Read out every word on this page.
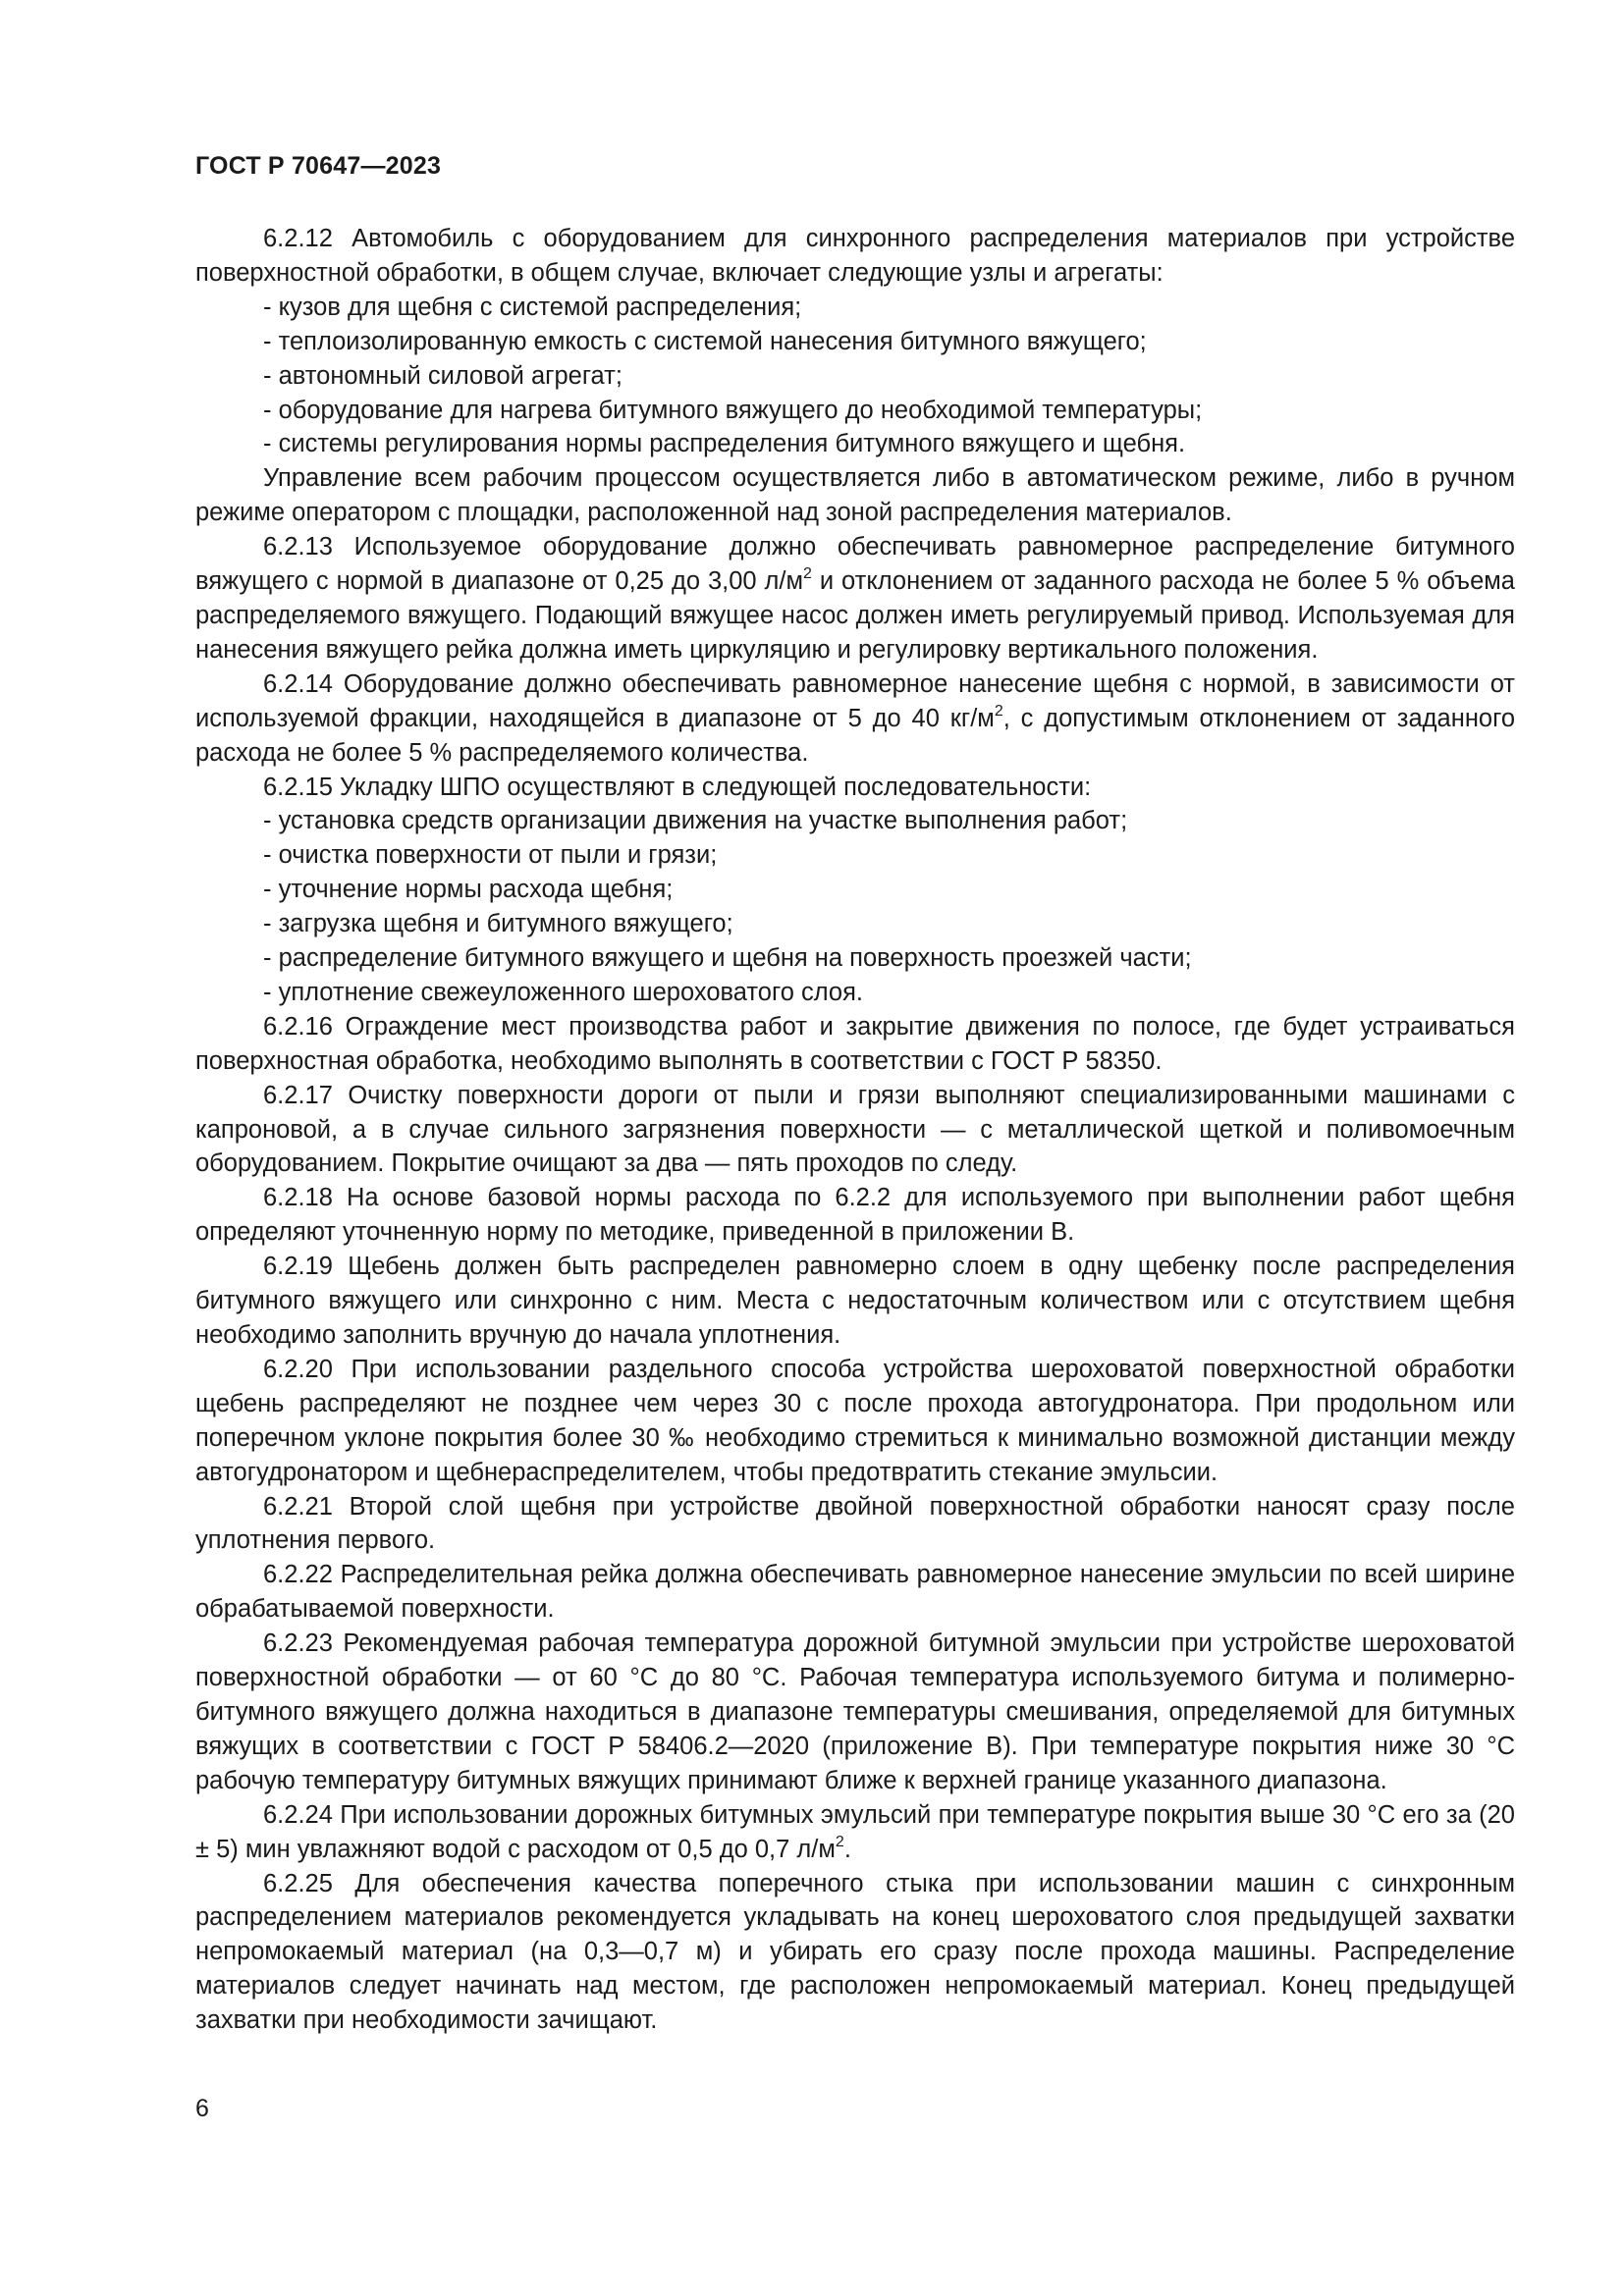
ГОСТ Р 70647—2023

6.2.12 Автомобиль с оборудованием для синхронного распределения материалов при устройстве поверхностной обработки, в общем случае, включает следующие узлы и агрегаты:

- кузов для щебня с системой распределения;

- теплоизолированную емкость с системой нанесения битумного вяжущего;

- автономный силовой агрегат;

- оборудование для нагрева битумного вяжущего до необходимой температуры;

- системы регулирования нормы распределения битумного вяжущего и щебня.

Управление всем рабочим процессом осуществляется либо в автоматическом режиме, либо в ручном режиме оператором с площадки, расположенной над зоной распределения материалов.

6.2.13 Используемое оборудование должно обеспечивать равномерное распределение битумного вяжущего с нормой в диапазоне от 0,25 до 3,00 $л/м^2$ и отклонением от заданного расхода не более 5 % объема распределяемого вяжущего. Подающий вяжущее насос должен иметь регулируемый привод. Используемая для нанесения вяжущего рейка должна иметь циркуляцию и регулировку вертикального положения.

6.2.14 Оборудование должно обеспечивать равномерное нанесение щебня с нормой, в зависимости от используемой фракции, находящейся в диапазоне от 5 до 40 $кг/м^2$, с допустимым отклонением от заданного расхода не более 5 % распределяемого количества.

6.2.15 Укладку ШПО осуществляют в следующей последовательности:

- установка средств организации движения на участке выполнения работ;

- очистка поверхности от пыли и грязи;

- уточнение нормы расхода щебня;

- загрузка щебня и битумного вяжущего;

- распределение битумного вяжущего и щебня на поверхность проезжей части;

- уплотнение свежеуложенного шероховатого слоя.

6.2.16 Ограждение мест производства работ и закрытие движения по полосе, где будет устраиваться поверхностная обработка, необходимо выполнять в соответствии с ГОСТ Р 58350.

6.2.17 Очистку поверхности дороги от пыли и грязи выполняют специализированными машинами с капроновой, а в случае сильного загрязнения поверхности — с металлической щеткой и поливомоечным оборудованием. Покрытие очищают за два — пять проходов по следу.

6.2.18 На основе базовой нормы расхода по 6.2.2 для используемого при выполнении работ щебня определяют уточненную норму по методике, приведенной в приложении В.

6.2.19 Щебень должен быть распределен равномерно слоем в одну щебенку после распределения битумного вяжущего или синхронно с ним. Места с недостаточным количеством или с отсутствием щебня необходимо заполнить вручную до начала уплотнения.

6.2.20 При использовании раздельного способа устройства шероховатой поверхностной обработки щебень распределяют не позднее чем через 30 с после прохода автогудронатора. При продольном или поперечном уклоне покрытия более 30 ‰ необходимо стремиться к минимально возможной дистанции между автогудронатором и щебнераспределителем, чтобы предотвратить стекание эмульсии.

6.2.21 Второй слой щебня при устройстве двойной поверхностной обработки наносят сразу после уплотнения первого.

6.2.22 Распределительная рейка должна обеспечивать равномерное нанесение эмульсии по всей ширине обрабатываемой поверхности.

6.2.23 Рекомендуемая рабочая температура дорожной битумной эмульсии при устройстве шероховатой поверхностной обработки — от 60 °С до 80 °С. Рабочая температура используемого битума и полимерно-битумного вяжущего должна находиться в диапазоне температуры смешивания, определяемой для битумных вяжущих в соответствии с ГОСТ Р 58406.2—2020 (приложение В). При температуре покрытия ниже 30 °С рабочую температуру битумных вяжущих принимают ближе к верхней границе указанного диапазона.

6.2.24 При использовании дорожных битумных эмульсий при температуре покрытия выше 30 °С его за (20 ± 5) мин увлажняют водой с расходом от 0,5 до 0,7 $л/м^2$.

6.2.25 Для обеспечения качества поперечного стыка при использовании машин с синхронным распределением материалов рекомендуется укладывать на конец шероховатого слоя предыдущей захватки непромокаемый материал (на 0,3—0,7 м) и убирать его сразу после прохода машины. Распределение материалов следует начинать над местом, где расположен непромокаемый материал. Конец предыдущей захватки при необходимости зачищают.

6
